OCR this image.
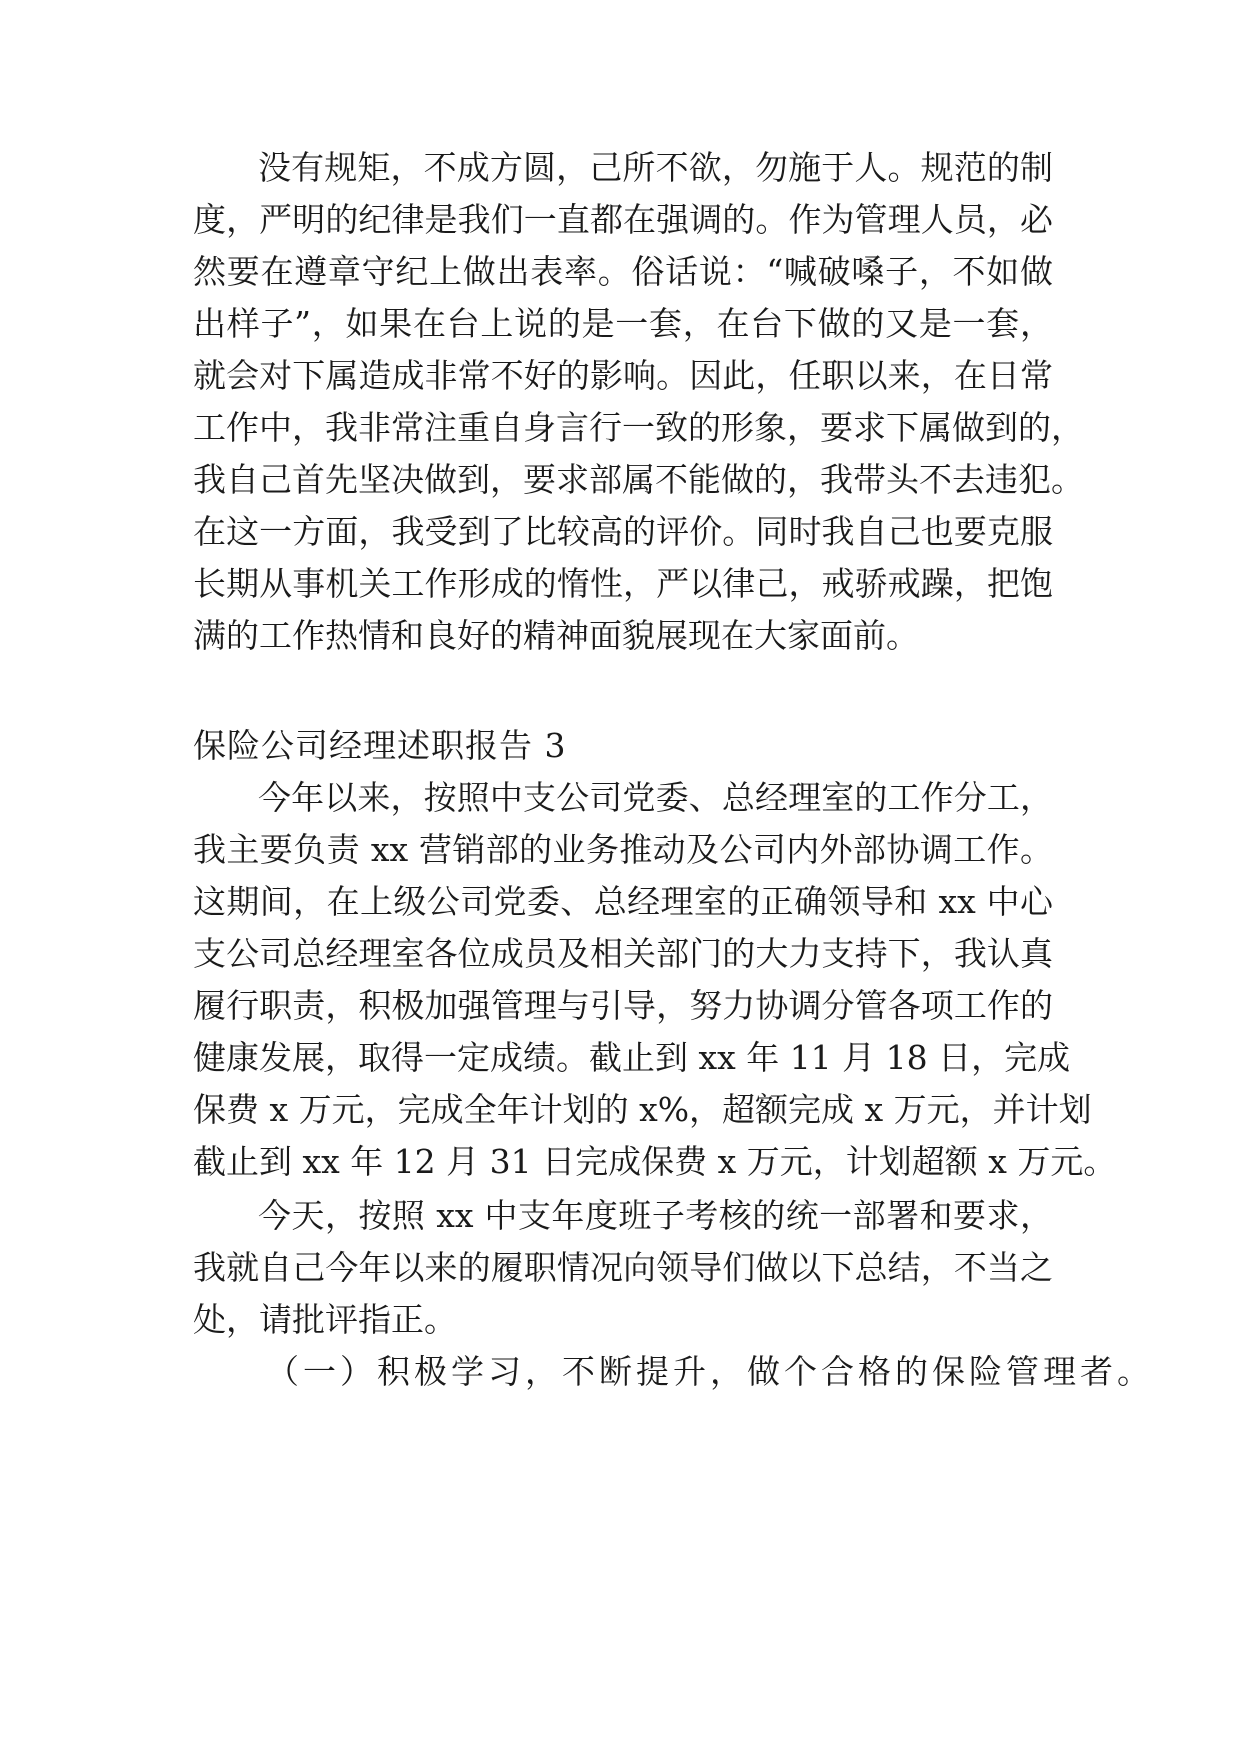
没有规矩，不成方圆，己所不欲，勿施于人。规范的制
度，严明的纪律是我们一直都在强调的。作为管理人员，必
然要在遵章守纪上做出表率。俗话说：“喊破嗓子，不如做
出样子”，如果在台上说的是一套，在台下做的又是一套，
就会对下属造成非常不好的影响。因此，任职以来，在日常
工作中，我非常注重自身言行一致的形象，要求下属做到的，
我自己首先坚决做到，要求部属不能做的，我带头不去违犯。
在这一方面，我受到了比较高的评价。同时我自己也要克服
长期从事机关工作形成的惰性，严以律己，戒骄戒躁，把饱
满的工作热情和良好的精神面貌展现在大家面前。
保险公司经理述职报告 3
今年以来，按照中支公司党委、总经理室的工作分工，
我主要负责 xx 营销部的业务推动及公司内外部协调工作。
这期间，在上级公司党委、总经理室的正确领导和 xx 中心
支公司总经理室各位成员及相关部门的大力支持下，我认真
履行职责，积极加强管理与引导，努力协调分管各项工作的
健康发展，取得一定成绩。截止到 xx 年 11 月 18 日，完成
保费 x 万元，完成全年计划的 x%，超额完成 x 万元，并计划
截止到 xx 年 12 月 31 日完成保费 x 万元，计划超额 x 万元。
今天，按照 xx 中支年度班子考核的统一部署和要求，
我就自己今年以来的履职情况向领导们做以下总结，不当之
处，请批评指正。
（一）积极学习，不断提升，做个合格的保险管理者。
